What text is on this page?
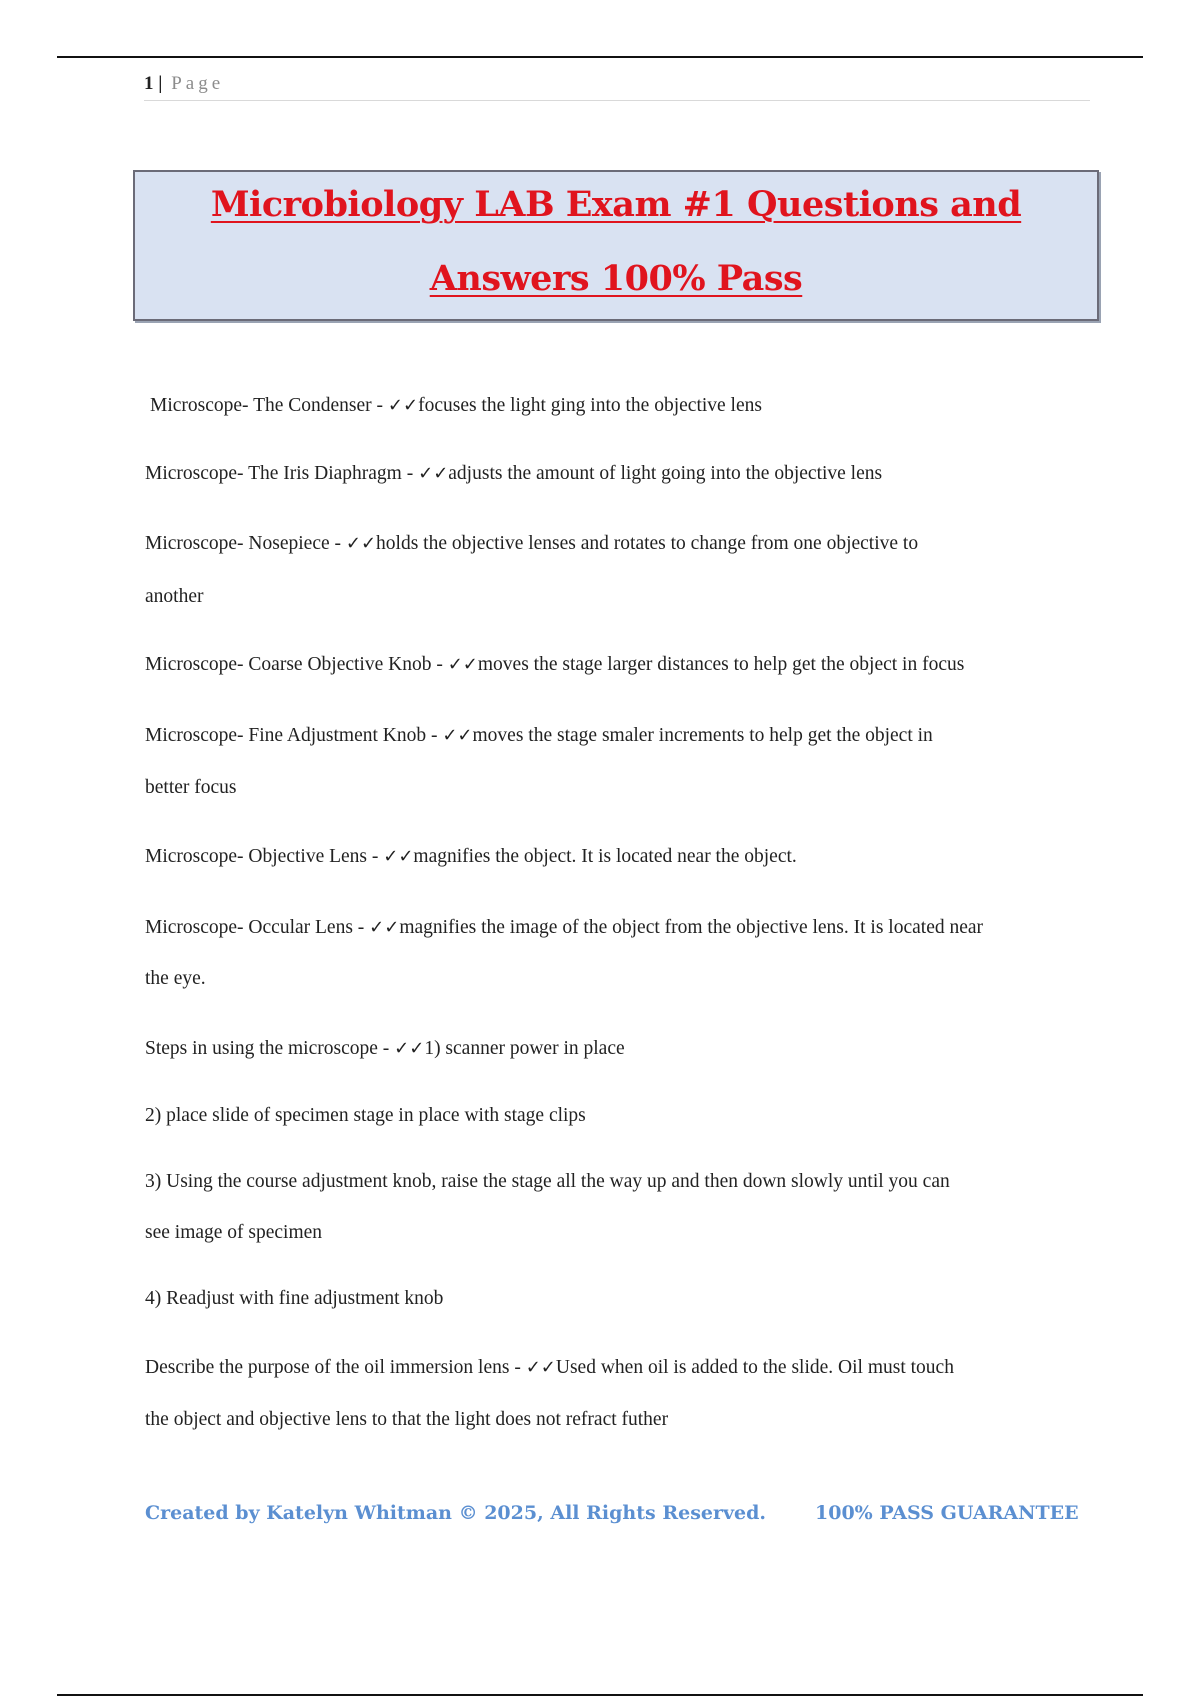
1 | Page
Microbiology LAB Exam #1 Questions and
Answers 100% Pass

Microscope- The Condenser - ✓✓focuses the light ging into the objective lens

Microscope- The Iris Diaphragm - ✓✓adjusts the amount of light going into the objective lens

Microscope- Nosepiece - ✓✓holds the objective lenses and rotates to change from one objective to

another

Microscope- Coarse Objective Knob - ✓✓moves the stage larger distances to help get the object in focus

Microscope- Fine Adjustment Knob - ✓✓moves the stage smaler increments to help get the object in

better focus

Microscope- Objective Lens - ✓✓magnifies the object. It is located near the object.

Microscope- Occular Lens - ✓✓magnifies the image of the object from the objective lens. It is located near

the eye.

Steps in using the microscope - ✓✓1) scanner power in place

2) place slide of specimen stage in place with stage clips

3) Using the course adjustment knob, raise the stage all the way up and then down slowly until you can

see image of specimen

4) Readjust with fine adjustment knob

Describe the purpose of the oil immersion lens - ✓✓Used when oil is added to the slide. Oil must touch

the object and objective lens to that the light does not refract futher

Created by Katelyn Whitman © 2025, All Rights Reserved.	100% PASS GUARANTEE
